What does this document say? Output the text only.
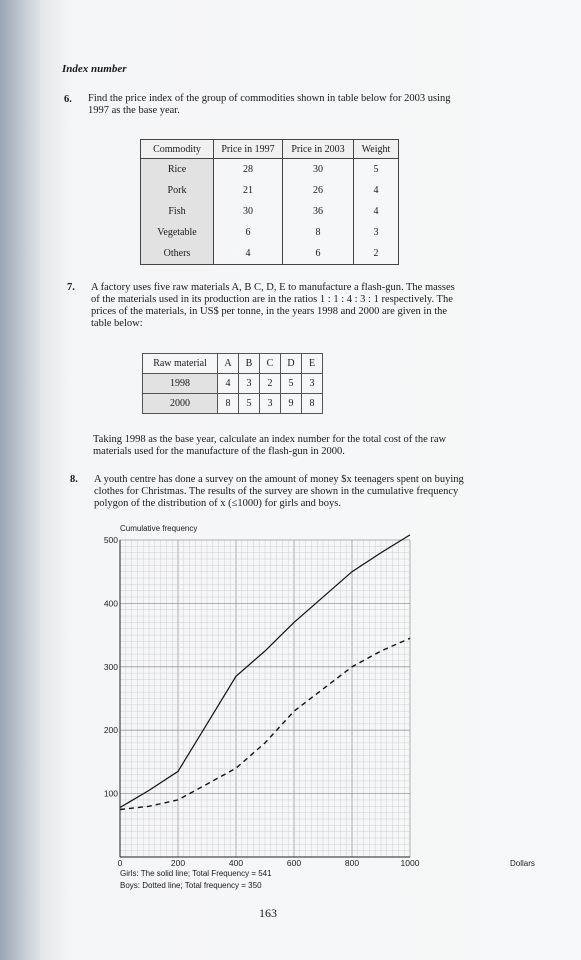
Index number
6. Find the price index of the group of commodities shown in table below for 2003 using
1997 as the base year.
Commodity	Price in 1997	Price in 2003	Weight
Rice	28	30	5
Pork	21	26	4
Fish	30	36	4
Vegetable	6	8	3
Others	4	6	2
7. A factory uses five raw materials A, B C, D, E to manufacture a flash-gun. The masses
of the materials used in its production are in the ratios 1 : 1 : 4 : 3 : 1 respectively. The
prices of the materials, in US$ per tonne, in the years 1998 and 2000 are given in the
table below:
Raw material	A	B	C	D	E
1998	4	3	2	5	3
2000	8	5	3	9	8
Taking 1998 as the base year, calculate an index number for the total cost of the raw
materials used for the manufacture of the flash-gun in 2000.
8. A youth centre has done a survey on the amount of money $x teenagers spent on buying
clothes for Christmas. The results of the survey are shown in the cumulative frequency
polygon of the distribution of x (≤1000) for girls and boys.
Cumulative frequency
100
200
300
400
500
0	200	400	600	800	1000	Dollars
Girls: The solid line; Total Frequency = 541
Boys: Dotted line; Total frequency = 350
163
